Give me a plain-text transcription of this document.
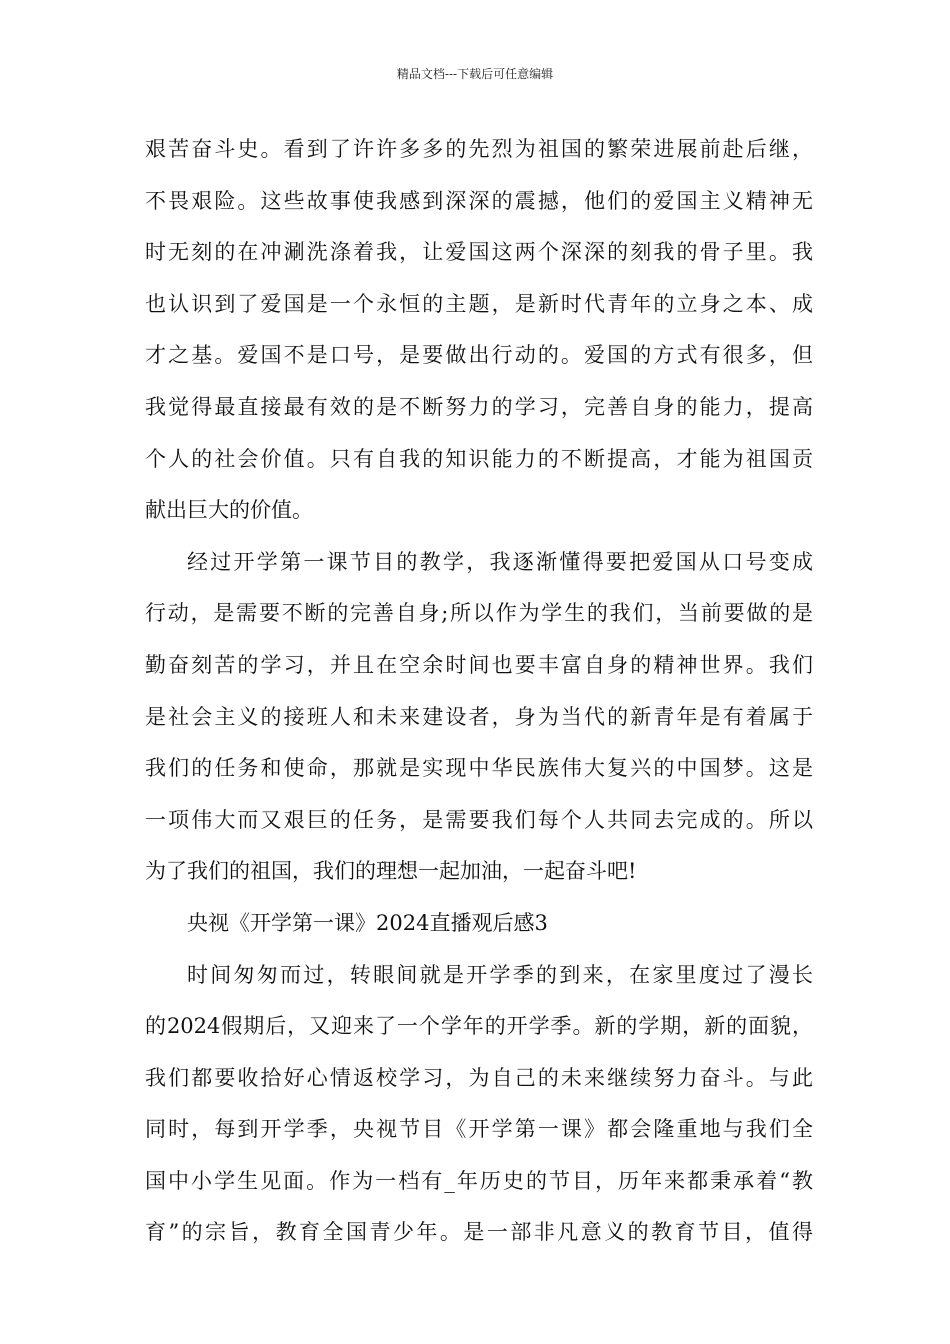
精品文档---下载后可任意编辑
艰苦奋斗史。看到了许许多多的先烈为祖国的繁荣进展前赴后继，
不畏艰险。这些故事使我感到深深的震撼，他们的爱国主义精神无
时无刻的在冲涮洗涤着我，让爱国这两个深深的刻我的骨子里。我
也认识到了爱国是一个永恒的主题，是新时代青年的立身之本、成
才之基。爱国不是口号，是要做出行动的。爱国的方式有很多，但
我觉得最直接最有效的是不断努力的学习，完善自身的能力，提高
个人的社会价值。只有自我的知识能力的不断提高，才能为祖国贡
献出巨大的价值。
经过开学第一课节目的教学，我逐渐懂得要把爱国从口号变成
行动，是需要不断的完善自身;所以作为学生的我们，当前要做的是
勤奋刻苦的学习，并且在空余时间也要丰富自身的精神世界。我们
是社会主义的接班人和未来建设者，身为当代的新青年是有着属于
我们的任务和使命，那就是实现中华民族伟大复兴的中国梦。这是
一项伟大而又艰巨的任务，是需要我们每个人共同去完成的。所以
为了我们的祖国，我们的理想一起加油，一起奋斗吧!
央视《开学第一课》2024直播观后感3
时间匆匆而过，转眼间就是开学季的到来，在家里度过了漫长
的2024假期后，又迎来了一个学年的开学季。新的学期，新的面貌，
我们都要收拾好心情返校学习，为自己的未来继续努力奋斗。与此
同时，每到开学季，央视节目《开学第一课》都会隆重地与我们全
国中小学生见面。作为一档有_年历史的节目，历年来都秉承着“教
育”的宗旨，教育全国青少年。是一部非凡意义的教育节目，值得
